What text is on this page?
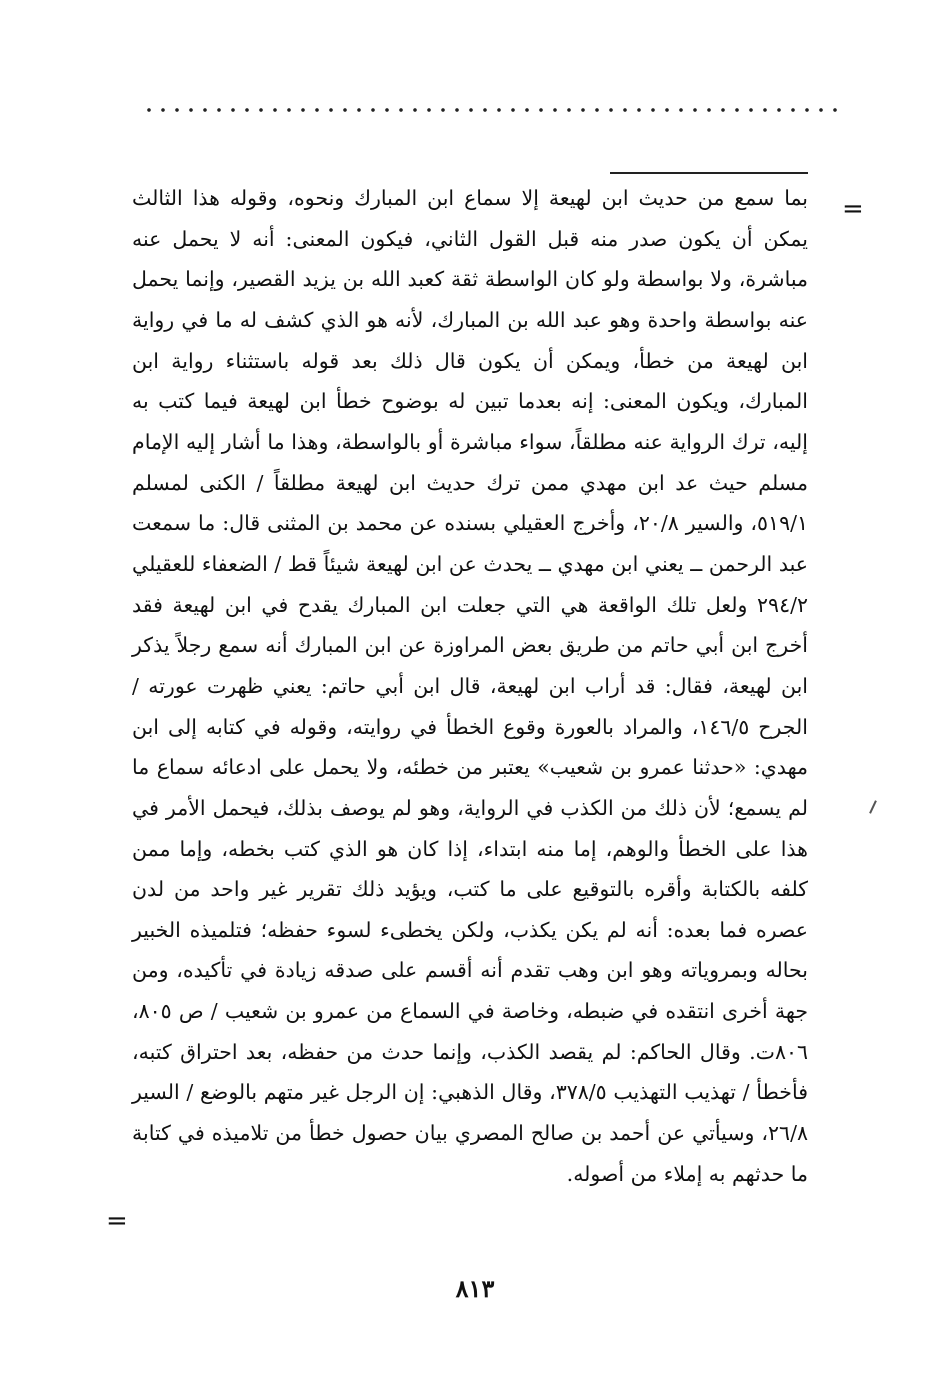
=

بما سمع من حديث ابن لهيعة إلا سماع ابن المبارك ونحوه، وقوله هذا الثالث يمكن أن يكون صدر منه قبل القول الثاني، فيكون المعنى: أنه لا يحمل عنه مباشرة، ولا بواسطة ولو كان الواسطة ثقة كعبد الله بن يزيد القصير، وإنما يحمل عنه بواسطة واحدة وهو عبد الله بن المبارك، لأنه هو الذي كشف له ما في رواية ابن لهيعة من خطأ، ويمكن أن يكون قال ذلك بعد قوله باستثناء رواية ابن المبارك، ويكون المعنى: إنه بعدما تبين له بوضوح خطأ ابن لهيعة فيما كتب به إليه، ترك الرواية عنه مطلقاً، سواء مباشرة أو بالواسطة، وهذا ما أشار إليه الإمام مسلم حيث عد ابن مهدي ممن ترك حديث ابن لهيعة مطلقاً / الكنى لمسلم ٥١٩/١، والسير ٢٠/٨، وأخرج العقيلي بسنده عن محمد بن المثنى قال: ما سمعت عبد الرحمن ــ يعني ابن مهدي ــ يحدث عن ابن لهيعة شيئاً قط / الضعفاء للعقيلي ٢٩٤/٢ ولعل تلك الواقعة هي التي جعلت ابن المبارك يقدح في ابن لهيعة فقد أخرج ابن أبي حاتم من طريق بعض المراوزة عن ابن المبارك أنه سمع رجلاً يذكر ابن لهيعة، فقال: قد أراب ابن لهيعة، قال ابن أبي حاتم: يعني ظهرت عورته / الجرح ١٤٦/٥، والمراد بالعورة وقوع الخطأ في روايته، وقوله في كتابه إلى ابن مهدي: «حدثنا عمرو بن شعيب» يعتبر من خطئه، ولا يحمل على ادعائه سماع ما لم يسمع؛ لأن ذلك من الكذب في الرواية، وهو لم يوصف بذلك، فيحمل الأمر في هذا على الخطأ والوهم، إما منه ابتداء، إذا كان هو الذي كتب بخطه، وإما ممن كلفه بالكتابة وأقره بالتوقيع على ما كتب، ويؤيد ذلك تقرير غير واحد من لدن عصره فما بعده: أنه لم يكن يكذب، ولكن يخطىء لسوء حفظه؛ فتلميذه الخبير بحاله وبمروياته وهو ابن وهب تقدم أنه أقسم على صدقه زيادة في تأكيده، ومن جهة أخرى انتقده في ضبطه، وخاصة في السماع من عمرو بن شعيب / ص ٨٠٥، ٨٠٦ت. وقال الحاكم: لم يقصد الكذب، وإنما حدث من حفظه، بعد احتراق كتبه، فأخطأ / تهذيب التهذيب ٣٧٨/٥، وقال الذهبي: إن الرجل غير متهم بالوضع / السير ٢٦/٨، وسيأتي عن أحمد بن صالح المصري بيان حصول خطأ من تلاميذه في كتابة ما حدثهم به إملاء من أصوله.

=
٨١٣
